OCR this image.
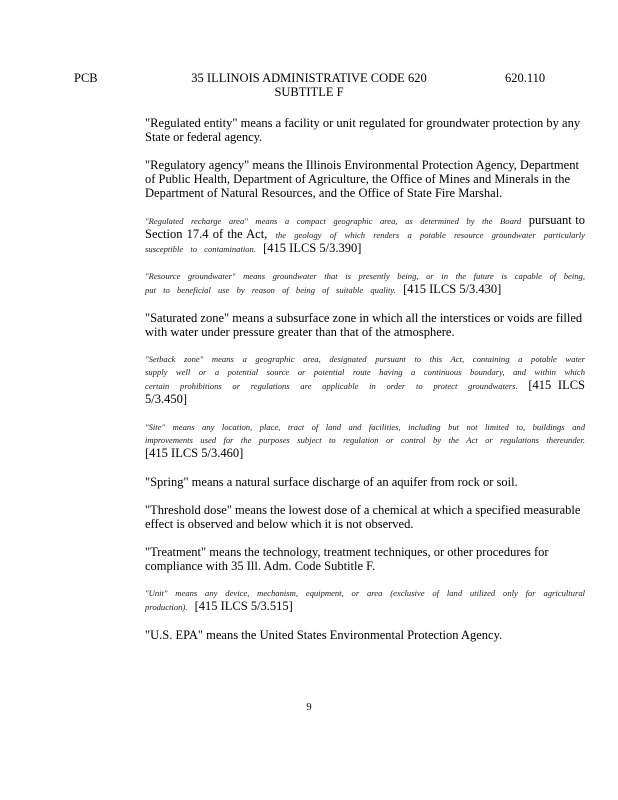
PCB	35 ILLINOIS ADMINISTRATIVE CODE 620
SUBTITLE F
620.110

"Regulated entity" means a facility or unit regulated for groundwater protection by any State or federal agency.

"Regulatory agency" means the Illinois Environmental Protection Agency, Department of Public Health, Department of Agriculture, the Office of Mines and Minerals in the Department of Natural Resources, and the Office of State Fire Marshal.

"Regulated recharge area" means a compact geographic area, as determined by the Board pursuant to Section 17.4 of the Act, the geology of which renders a potable resource groundwater particularly susceptible to contamination. [415 ILCS 5/3.390]

"Resource groundwater" means groundwater that is presently being, or in the future is capable of being, put to beneficial use by reason of being of suitable quality. [415 ILCS 5/3.430]

"Saturated zone" means a subsurface zone in which all the interstices or voids are filled with water under pressure greater than that of the atmosphere.

"Setback zone" means a geographic area, designated pursuant to this Act, containing a potable water supply well or a potential source or potential route having a continuous boundary, and within which certain prohibitions or regulations are applicable in order to protect groundwaters. [415 ILCS 5/3.450]

"Site" means any location, place, tract of land and facilities, including but not limited to, buildings and improvements used for the purposes subject to regulation or control by the Act or regulations thereunder. [415 ILCS 5/3.460]

"Spring" means a natural surface discharge of an aquifer from rock or soil.

"Threshold dose" means the lowest dose of a chemical at which a specified measurable effect is observed and below which it is not observed.

"Treatment" means the technology, treatment techniques, or other procedures for compliance with 35 Ill. Adm. Code Subtitle F.

"Unit" means any device, mechanism, equipment, or area (exclusive of land utilized only for agricultural production). [415 ILCS 5/3.515]

"U.S. EPA" means the United States Environmental Protection Agency.

9
